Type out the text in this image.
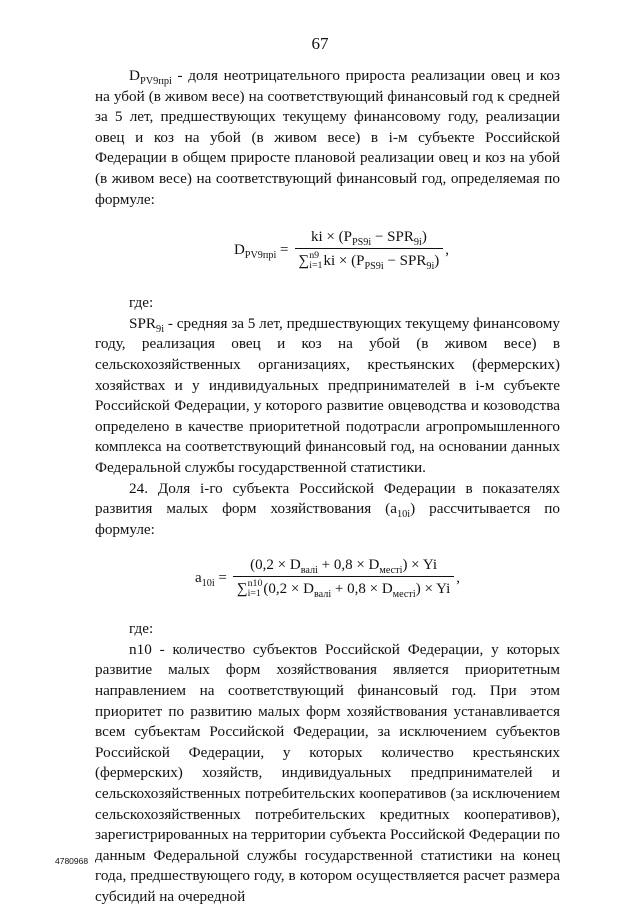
67

$D_{PV9прі}$ - доля неотрицательного прироста реализации овец и коз на убой (в живом весе) на соответствующий финансовый год к средней за 5 лет, предшествующих текущему финансовому году, реализации овец и коз на убой (в живом весе) в і-м субъекте Российской Федерации в общем приросте плановой реализации овец и коз на убой (в живом весе) на соответствующий финансовый год, определяемая по формуле:

$D_{PV9прі}$ = ki × $(P_{PS9i} - SPR_{9i})$
∑ n9
i=1 ki × $(P_{PS9i} - SPR_{9i})$ ,

где:

$SPR_{9i}$ - средняя за 5 лет, предшествующих текущему финансовому году, реализация овец и коз на убой (в живом весе) в сельскохозяйственных организациях, крестьянских (фермерских) хозяйствах и у индивидуальных предпринимателей в і-м субъекте Российской Федерации, у которого развитие овцеводства и козоводства определено в качестве приоритетной подотрасли агропромышленного комплекса на соответствующий финансовый год, на основании данных Федеральной службы государственной статистики.

24. Доля і-го субъекта Российской Федерации в показателях развития малых форм хозяйствования $(a_{10i})$ рассчитывается по формуле:

$a_{10i} = (0,2 \times D_{валі} + 0,8 \times D_{местi}) \times Yi$
∑ n10
i=1 $(0,2 \times D_{валі} + 0,8 \times D_{местi}) \times Yi$ ,

где:

n10 - количество субъектов Российской Федерации, у которых развитие малых форм хозяйствования является приоритетным направлением на соответствующий финансовый год. При этом приоритет по развитию малых форм хозяйствования устанавливается всем субъектам Российской Федерации, за исключением субъектов Российской Федерации, у которых количество крестьянских (фермерских) хозяйств, индивидуальных предпринимателей и сельскохозяйственных потребительских кооперативов (за исключением сельскохозяйственных потребительских кредитных кооперативов), зарегистрированных на территории субъекта Российской Федерации по данным Федеральной службы государственной статистики на конец года, предшествующего году, в котором осуществляется расчет размера субсидий на очередной

4780968
